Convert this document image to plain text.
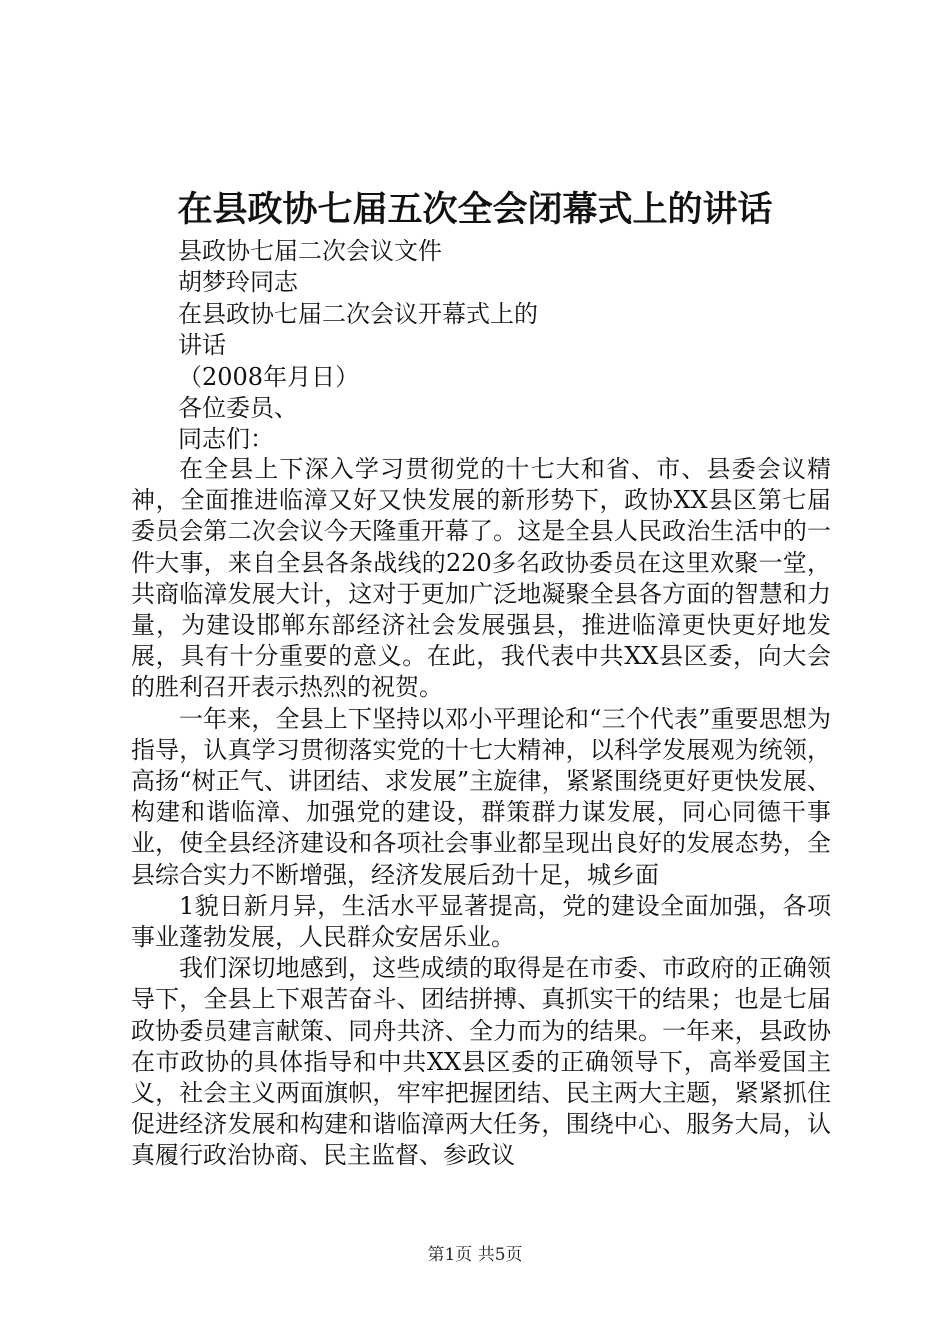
在县政协七届五次全会闭幕式上的讲话
县政协七届二次会议文件
胡梦玲同志
在县政协七届二次会议开幕式上的
讲话
（2008年月日）
各位委员、
同志们：

在全县上下深入学习贯彻党的十七大和省、市、县委会议精神，全面推进临漳又好又快发展的新形势下，政协XX县区第七届委员会第二次会议今天隆重开幕了。这是全县人民政治生活中的一件大事，来自全县各条战线的220多名政协委员在这里欢聚一堂，共商临漳发展大计，这对于更加广泛地凝聚全县各方面的智慧和力量，为建设邯郸东部经济社会发展强县，推进临漳更快更好地发展，具有十分重要的意义。在此，我代表中共XX县区委，向大会的胜利召开表示热烈的祝贺。

一年来，全县上下坚持以邓小平理论和“三个代表”重要思想为指导，认真学习贯彻落实党的十七大精神，以科学发展观为统领，高扬“树正气、讲团结、求发展”主旋律，紧紧围绕更好更快发展、构建和谐临漳、加强党的建设，群策群力谋发展，同心同德干事业，使全县经济建设和各项社会事业都呈现出良好的发展态势，全县综合实力不断增强，经济发展后劲十足，城乡面

1貌日新月异，生活水平显著提高，党的建设全面加强，各项事业蓬勃发展，人民群众安居乐业。

我们深切地感到，这些成绩的取得是在市委、市政府的正确领导下，全县上下艰苦奋斗、团结拼搏、真抓实干的结果；也是七届政协委员建言献策、同舟共济、全力而为的结果。一年来，县政协在市政协的具体指导和中共XX县区委的正确领导下，高举爱国主义，社会主义两面旗帜，牢牢把握团结、民主两大主题，紧紧抓住促进经济发展和构建和谐临漳两大任务，围绕中心、服务大局，认真履行政治协商、民主监督、参政议

第1页 共5页
